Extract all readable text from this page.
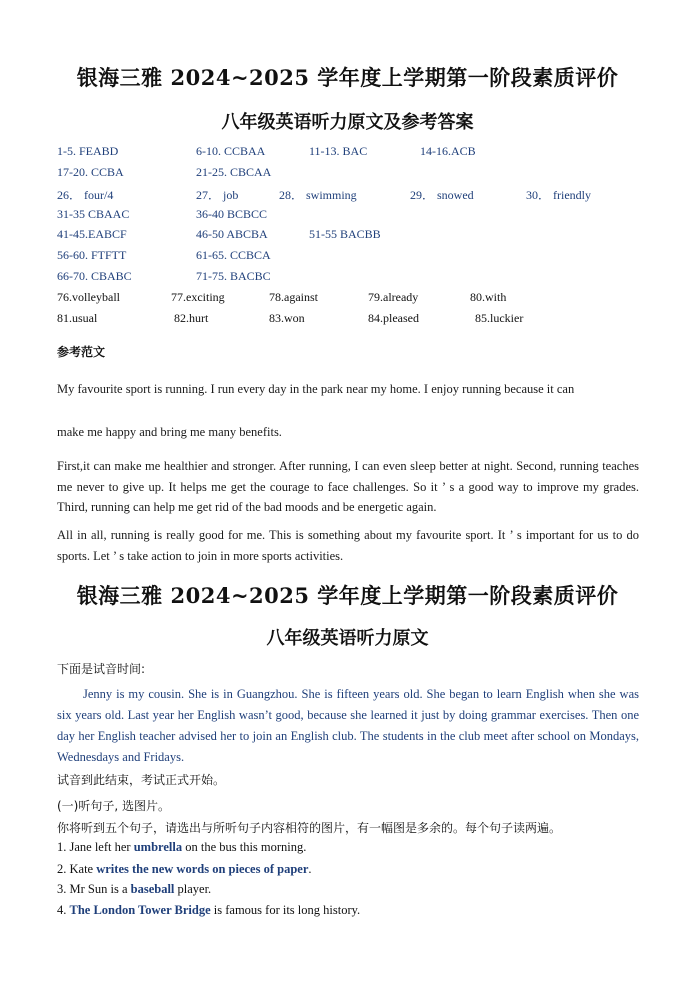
银海三雅 2024~2025 学年度上学期第一阶段素质评价
八年级英语听力原文及参考答案
1-5. FEABD	6-10. CCBAA	11-13. BAC	14-16.ACB
17-20. CCBA	21-25. CBCAA
26． four/4	27． job	28． swimming	29． snowed	30． friendly
31-35 CBAAC	36-40 BCBCC
41-45.EABCF	46-50 ABCBA	51-55 BACBB
56-60. FTFTT	61-65. CCBCA
66-70. CBABC	71-75. BACBC
76.volleyball	77.exciting	78.against	79.already	80.with
81.usual	82.hurt	83.won	84.pleased	85.luckier
参考范文
My favourite sport is running. I run every day in the park near my home. I enjoy running because it can
make me happy and bring me many benefits.
First,it can make me healthier and stronger. After running, I can even sleep better at night. Second, running teaches me never to give up. It helps me get the courage to face challenges. So it ’ s a good way to improve my grades. Third, running can help me get rid of the bad moods and be energetic again.
All in all, running is really good for me. This is something about my favourite sport. It ’ s important for us to do sports. Let ’ s take action to join in more sports activities.
银海三雅 2024~2025 学年度上学期第一阶段素质评价
八年级英语听力原文
下面是试音时间:
Jenny is my cousin. She is in Guangzhou. She is fifteen years old. She began to learn English when she was six years old. Last year her English wasn’t good, because she learned it just by doing grammar exercises. Then one day her English teacher advised her to join an English club. The students in the club meet after school on Mondays, Wednesdays and Fridays.
试音到此结束，考试正式开始。
(一)听句子, 选图片。
你将听到五个句子，请选出与所听句子内容相符的图片，有一幅图是多余的。每个句子读两遍。
1. Jane left her umbrella on the bus this morning.
2. Kate writes the new words on pieces of paper.
3. Mr Sun is a baseball player.
4. The London Tower Bridge is famous for its long history.
